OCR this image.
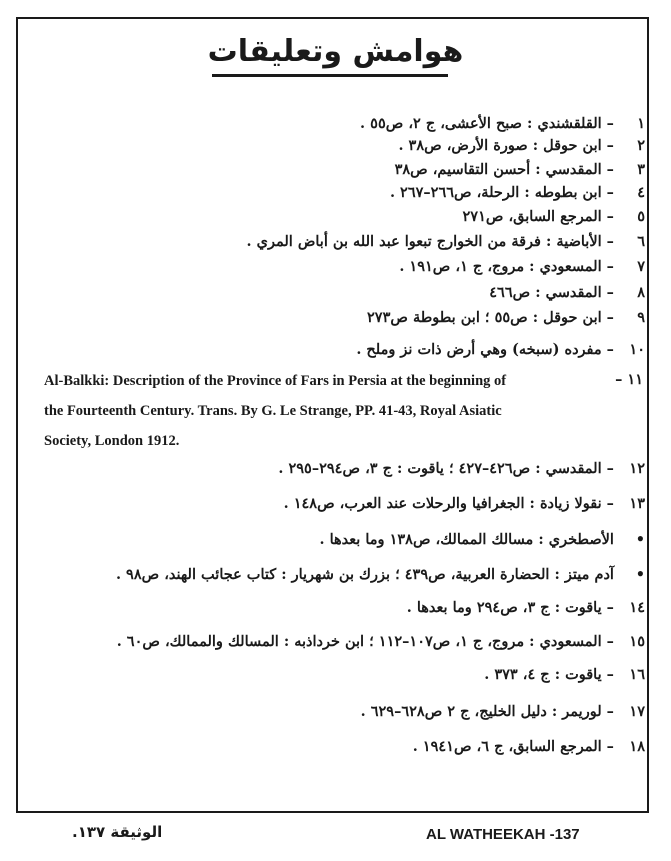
هوامش وتعليقات
١ – القلقشندي : صبح الأعشى، ج ٢، ص٥٥ .
٢ – ابن حوقل : صورة الأرض، ص٣٨ .
٣ – المقدسي : أحسن التقاسيم، ص٣٨
٤ – ابن بطوطه : الرحلة، ص٢٦٦–٢٦٧ .
٥ – المرجع السابق، ص٢٧١
٦ – الأباضية : فرقة من الخوارج تبعوا عبد الله بن أباض المري .
٧ – المسعودي : مروج، ج ١، ص١٩١ .
٨ – المقدسي : ص٤٦٦
٩ – ابن حوقل : ص٥٥ ؛ ابن بطوطة ص٢٧٣
١٠ – مفرده (سبخه) وهي أرض ذات نز وملح .
١١ –
Al-Balkki: Description of the Province of Fars in Persia at the beginning of
the Fourteenth Century. Trans. By G. Le Strange, PP. 41-43, Royal Asiatic
Society, London 1912.
١٢ – المقدسي : ص٤٢٦–٤٢٧ ؛ ياقوت : ج ٣، ص٢٩٤–٢٩٥ .
١٣ – نقولا زيادة : الجغرافيا والرحلات عند العرب، ص١٤٨ .
• الأصطخري : مسالك الممالك، ص١٣٨ وما بعدها .
• آدم ميتز : الحضارة العربية، ص٤٣٩ ؛ بزرك بن شهريار : كتاب عجائب الهند، ص٩٨ .
١٤ – ياقوت : ج ٣، ص٢٩٤ وما بعدها .
١٥ – المسعودي : مروج، ج ١، ص١٠٧–١١٢ ؛ ابن خرداذبه : المسالك والممالك، ص٦٠ .
١٦ – ياقوت : ج ٤، ٣٧٣ .
١٧ – لوريمر : دليل الخليج، ج ٢ ص٦٢٨–٦٢٩ .
١٨ – المرجع السابق، ج ٦، ص١٩٤١ .
AL WATHEEKAH -137
الوثيقة ١٣٧.
